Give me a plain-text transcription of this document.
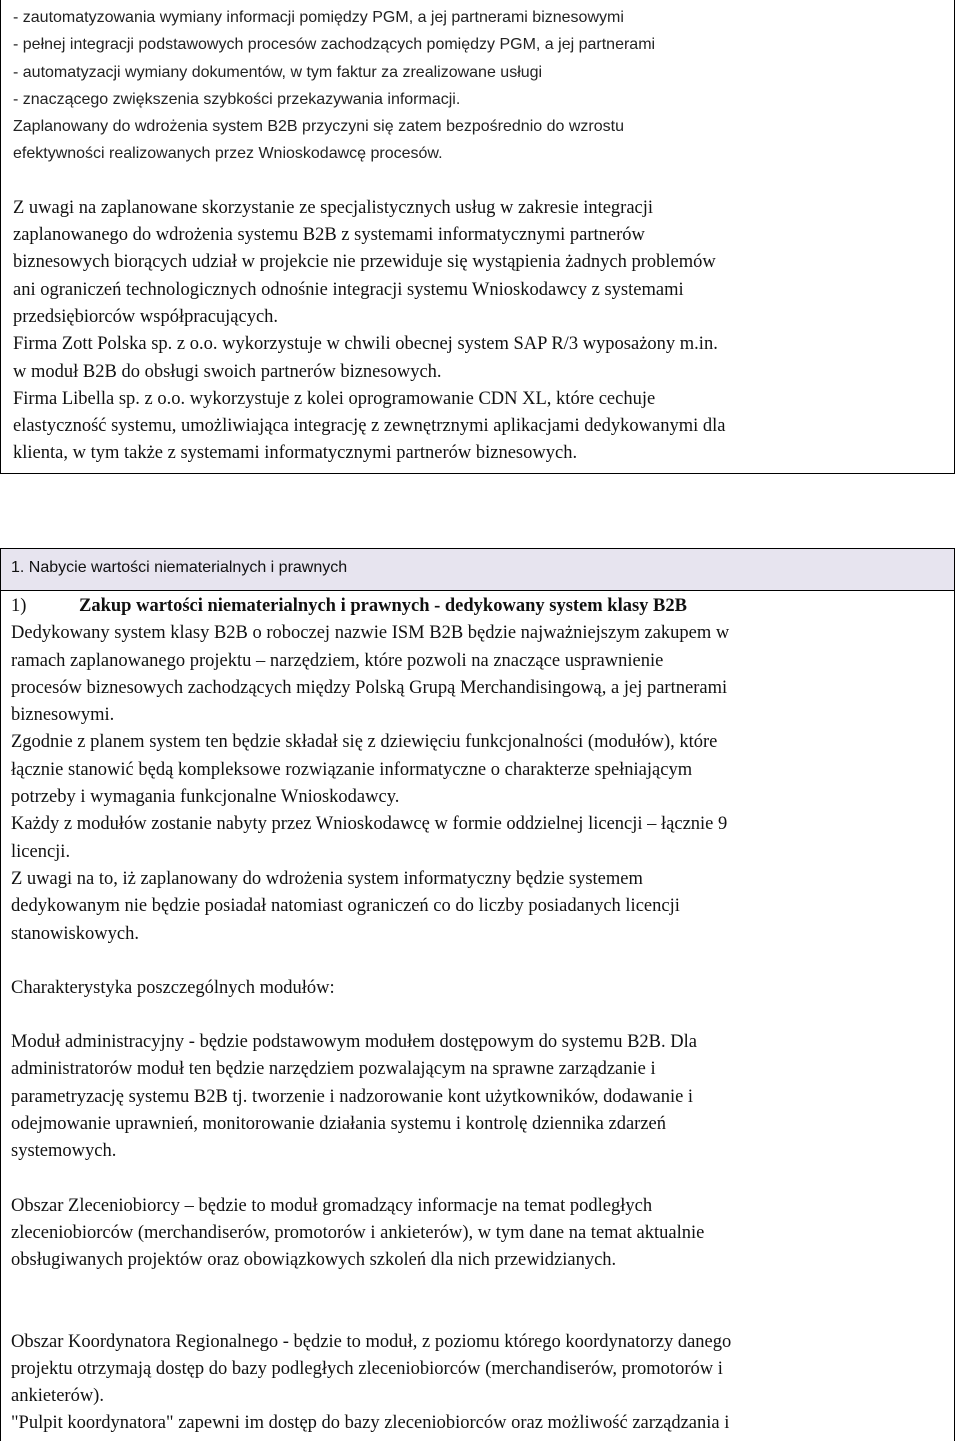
- zautomatyzowania wymiany informacji pomiędzy PGM, a jej partnerami biznesowymi
- pełnej integracji podstawowych procesów zachodzących pomiędzy PGM, a jej partnerami
- automatyzacji wymiany dokumentów, w tym faktur za zrealizowane usługi
- znaczącego zwiększenia szybkości przekazywania informacji.
Zaplanowany do wdrożenia system B2B przyczyni się zatem bezpośrednio do wzrostu
efektywności realizowanych przez Wnioskodawcę procesów.
Z uwagi na zaplanowane skorzystanie ze specjalistycznych usług w zakresie integracji
zaplanowanego do wdrożenia systemu B2B z systemami informatycznymi partnerów
biznesowych biorących udział w projekcie nie przewiduje się wystąpienia żadnych problemów
ani ograniczeń technologicznych odnośnie integracji systemu Wnioskodawcy z systemami
przedsiębiorców współpracujących.
Firma Zott Polska sp. z o.o. wykorzystuje w chwili obecnej system SAP R/3 wyposażony m.in.
w moduł B2B do obsługi swoich partnerów biznesowych.
Firma Libella sp. z o.o. wykorzystuje z kolei oprogramowanie CDN XL, które cechuje
elastyczność systemu, umożliwiająca integrację z zewnętrznymi aplikacjami dedykowanymi dla
klienta, w tym także z systemami informatycznymi partnerów biznesowych.
1. Nabycie wartości niematerialnych i prawnych
1)	Zakup wartości niematerialnych i prawnych - dedykowany system klasy B2B
Dedykowany system klasy B2B o roboczej nazwie ISM B2B będzie najważniejszym zakupem w
ramach zaplanowanego projektu – narzędziem, które pozwoli na znaczące usprawnienie
procesów biznesowych zachodzących między Polską Grupą Merchandisingową, a jej partnerami
biznesowymi.
Zgodnie z planem system ten będzie składał się z dziewięciu funkcjonalności (modułów), które
łącznie stanowić będą kompleksowe rozwiązanie informatyczne o charakterze spełniającym
potrzeby i wymagania funkcjonalne Wnioskodawcy.
Każdy z modułów zostanie nabyty przez Wnioskodawcę w formie oddzielnej licencji – łącznie 9
licencji.
Z uwagi na to, iż zaplanowany do wdrożenia system informatyczny będzie systemem
dedykowanym nie będzie posiadał natomiast ograniczeń co do liczby posiadanych licencji
stanowiskowych.
Charakterystyka poszczególnych modułów:
Moduł administracyjny - będzie podstawowym modułem dostępowym do systemu B2B. Dla
administratorów moduł ten będzie narzędziem pozwalającym na sprawne zarządzanie i
parametryzację systemu B2B tj. tworzenie i nadzorowanie kont użytkowników, dodawanie i
odejmowanie uprawnień, monitorowanie działania systemu i kontrolę dziennika zdarzeń
systemowych.
Obszar Zleceniobiorcy – będzie to moduł gromadzący informacje na temat podległych
zleceniobiorców (merchandiserów, promotorów i ankieterów), w tym dane na temat aktualnie
obsługiwanych projektów oraz obowiązkowych szkoleń dla nich przewidzianych.
Obszar Koordynatora Regionalnego - będzie to moduł, z poziomu którego koordynatorzy danego
projektu otrzymają dostęp do bazy podległych zleceniobiorców (merchandiserów, promotorów i
ankieterów).
"Pulpit koordynatora" zapewni im dostęp do bazy zleceniobiorców oraz możliwość zarządzania i
